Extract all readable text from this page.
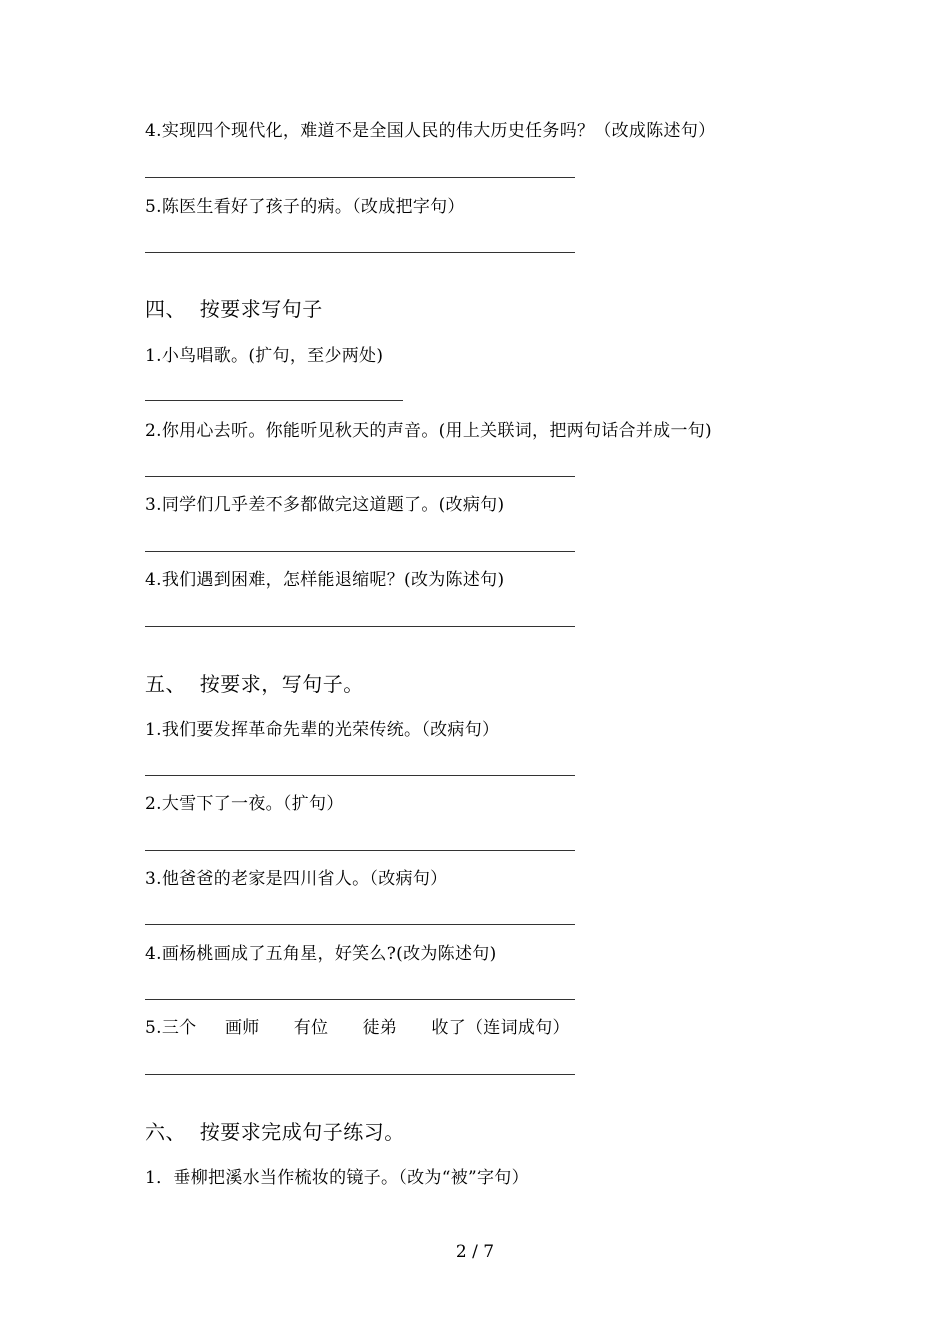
4.实现四个现代化，难道不是全国人民的伟大历史任务吗？（改成陈述句）
5.陈医生看好了孩子的病。（改成把字句）
四、  按要求写句子
1.小鸟唱歌。(扩句，至少两处)
2.你用心去听。你能听见秋天的声音。(用上关联词，把两句话合并成一句)
3.同学们几乎差不多都做完这道题了。(改病句)
4.我们遇到困难，怎样能退缩呢？(改为陈述句)
五、  按要求，写句子。
1.我们要发挥革命先辈的光荣传统。（改病句）
2.大雪下了一夜。（扩句）
3.他爸爸的老家是四川省人。（改病句）
4.画杨桃画成了五角星，好笑么?(改为陈述句)
5.三个     画师      有位      徒弟      收了（连词成句）
六、  按要求完成句子练习。
1．垂柳把溪水当作梳妆的镜子。（改为“被”字句）
2 / 7
